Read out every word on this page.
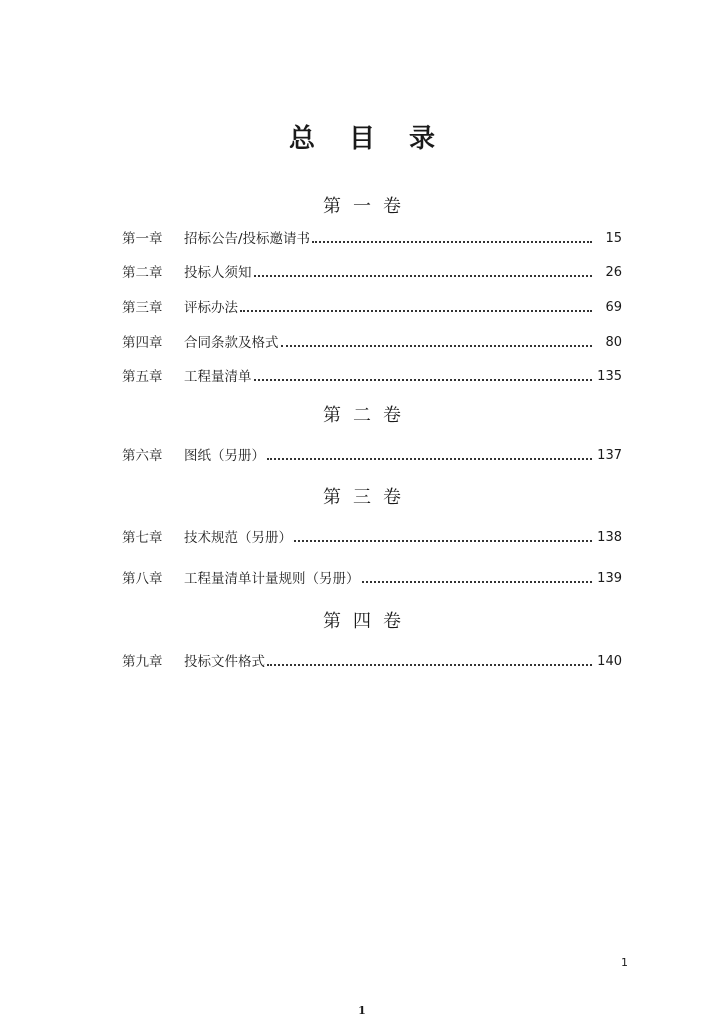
总目录
第一卷
第一章	招标公告/投标邀请书	15
第二章	投标人须知	26
第三章	评标办法	69
第四章	合同条款及格式	80
第五章	工程量清单	135
第二卷
第六章	图纸（另册）	137
第三卷
第七章	技术规范（另册）	138
第八章	工程量清单计量规则（另册）	139
第四卷
第九章	投标文件格式	140
1
1
